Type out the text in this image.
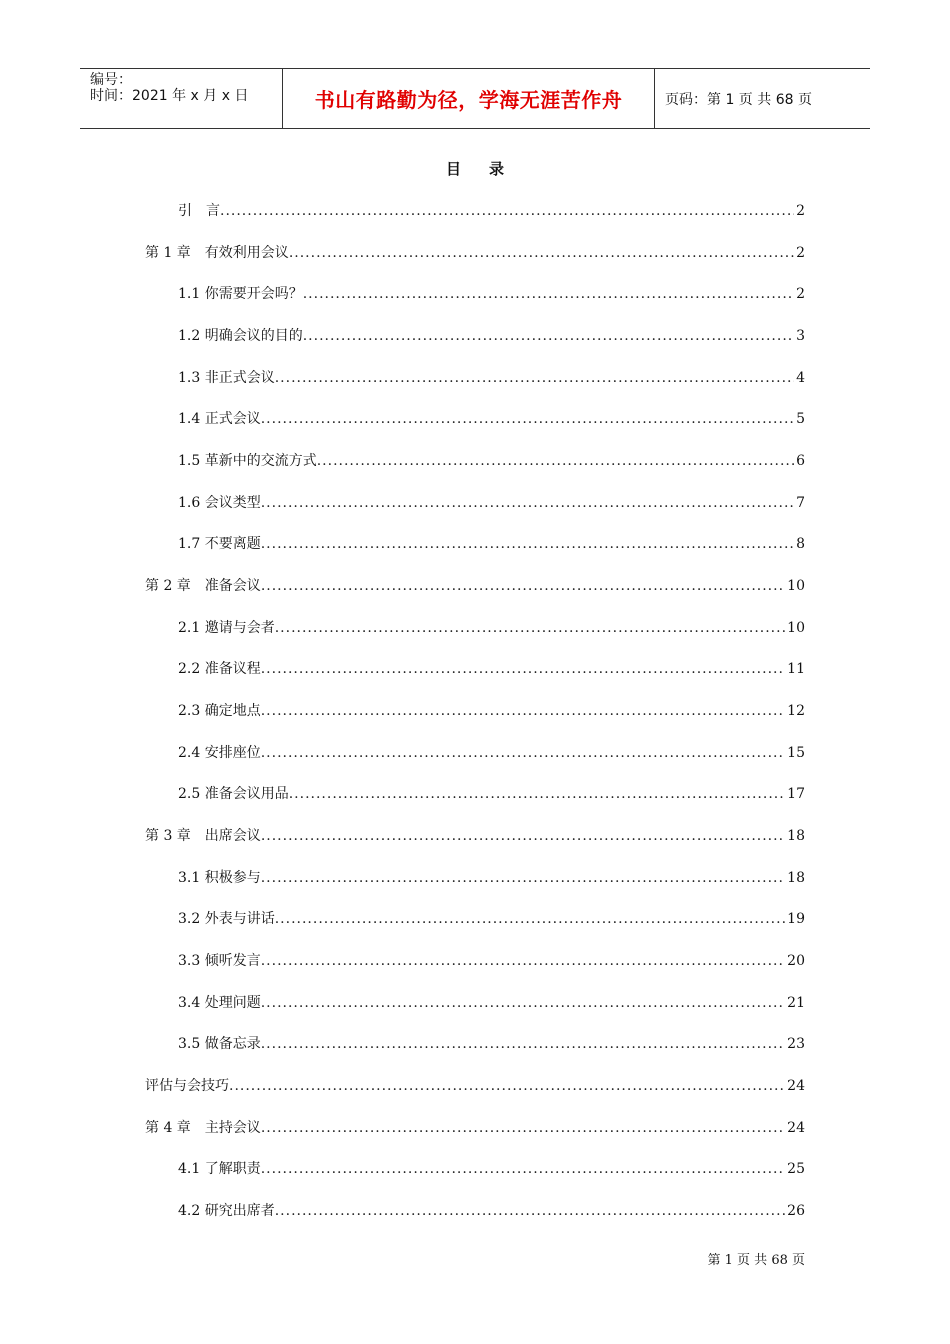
编号：
时间：2021 年 x 月 x 日	书山有路勤为径，学海无涯苦作舟	页码：第 1 页 共 68 页
目录
引　言 .....	2
第 1 章　有效利用会议 .....	2
1.1 你需要开会吗？ .....	2
1.2 明确会议的目的 .....	3
1.3 非正式会议 .....	4
1.4 正式会议 .....	5
1.5 革新中的交流方式 .....	6
1.6 会议类型 .....	7
1.7 不要离题 .....	8
第 2 章　准备会议 .....	10
2.1 邀请与会者 .....	10
2.2 准备议程 .....	11
2.3 确定地点 .....	12
2.4 安排座位 .....	15
2.5 准备会议用品 .....	17
第 3 章　出席会议 .....	18
3.1 积极参与 .....	18
3.2 外表与讲话 .....	19
3.3 倾听发言 .....	20
3.4 处理问题 .....	21
3.5 做备忘录 .....	23
评估与会技巧 .....	24
第 4 章　主持会议 .....	24
4.1 了解职责 .....	25
4.2 研究出席者 .....	26
第 1 页 共 68 页
